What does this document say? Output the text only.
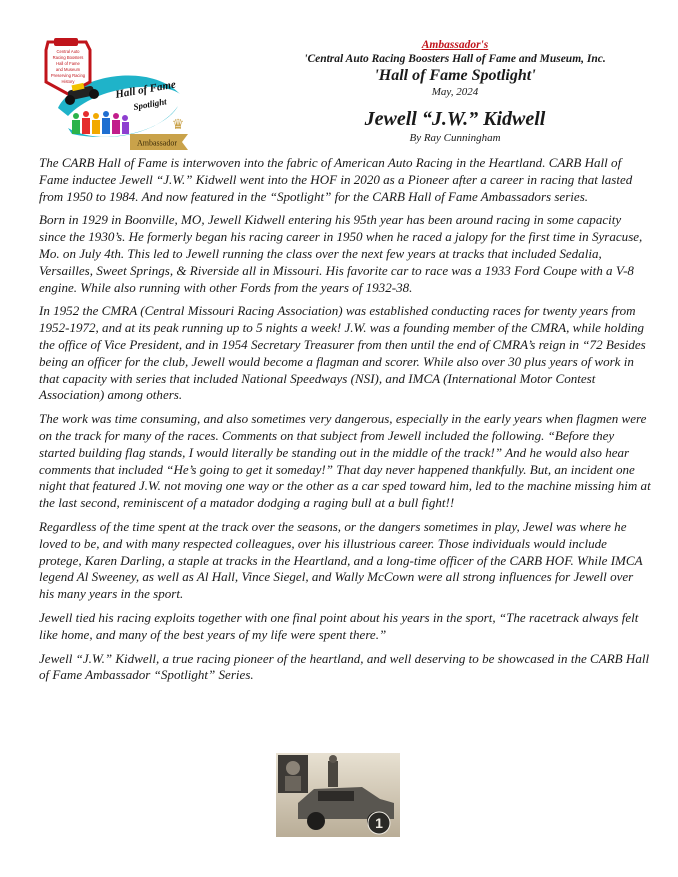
Central Auto
Racing Boosters
Hall of Fame
and Museum
Preserving Racing
History	Hall of Fame
Spotlight
Ambassador
♛
Ambassador's
'Central Auto Racing Boosters Hall of Fame and Museum, Inc.
'Hall of Fame Spotlight'
May, 2024
Jewell “J.W.” Kidwell
By Ray Cunningham

The CARB Hall of Fame is interwoven into the fabric of American Auto Racing in the Heartland. CARB Hall of Fame inductee Jewell “J.W.” Kidwell went into the HOF in 2020 as a Pioneer after a career in racing that lasted from 1950 to 1984. And now featured in the “Spotlight” for the CARB Hall of Fame Ambassadors series.

Born in 1929 in Boonville, MO, Jewell Kidwell entering his 95th year has been around racing in some capacity since the 1930’s. He formerly began his racing career in 1950 when he raced a jalopy for the first time in Syracuse, Mo. on July 4th. This led to Jewell running the class over the next few years at tracks that included Sedalia, Versailles, Sweet Springs, & Riverside all in Missouri. His favorite car to race was a 1933 Ford Coupe with a V-8 engine. While also running with other Fords from the years of 1932-38.

In 1952 the CMRA (Central Missouri Racing Association) was established conducting races for twenty years from 1952-1972, and at its peak running up to 5 nights a week! J.W. was a founding member of the CMRA, while holding the office of Vice President, and in 1954 Secretary Treasurer from then until the end of CMRA’s reign in “72 Besides being an officer for the club, Jewell would become a flagman and scorer. While also over 30 plus years of work in that capacity with series that included National Speedways (NSI), and IMCA (International Motor Contest Association) among others.

The work was time consuming, and also sometimes very dangerous, especially in the early years when flagmen were on the track for many of the races. Comments on that subject from Jewell included the following. “Before they started building flag stands, I would literally be standing out in the middle of the track!” And he would also hear comments that included “He’s going to get it someday!” That day never happened thankfully. But, an incident one night that featured J.W. not moving one way or the other as a car sped toward him, led to the machine missing him at the last second, reminiscent of a matador dodging a raging bull at a bull fight!!

Regardless of the time spent at the track over the seasons, or the dangers sometimes in play, Jewel was where he loved to be, and with many respected colleagues, over his illustrious career. Those individuals would include protege, Karen Darling, a staple at tracks in the Heartland, and a long-time officer of the CARB HOF. While IMCA legend Al Sweeney, as well as Al Hall, Vince Siegel, and Wally McCown were all strong influences for Jewell over his many years in the sport.

Jewell tied his racing exploits together with one final point about his years in the sport, “The racetrack always felt like home, and many of the best years of my life were spent there.”

Jewell “J.W.” Kidwell, a true racing pioneer of the heartland, and well deserving to be showcased in the CARB Hall of Fame Ambassador “Spotlight” Series.

1
